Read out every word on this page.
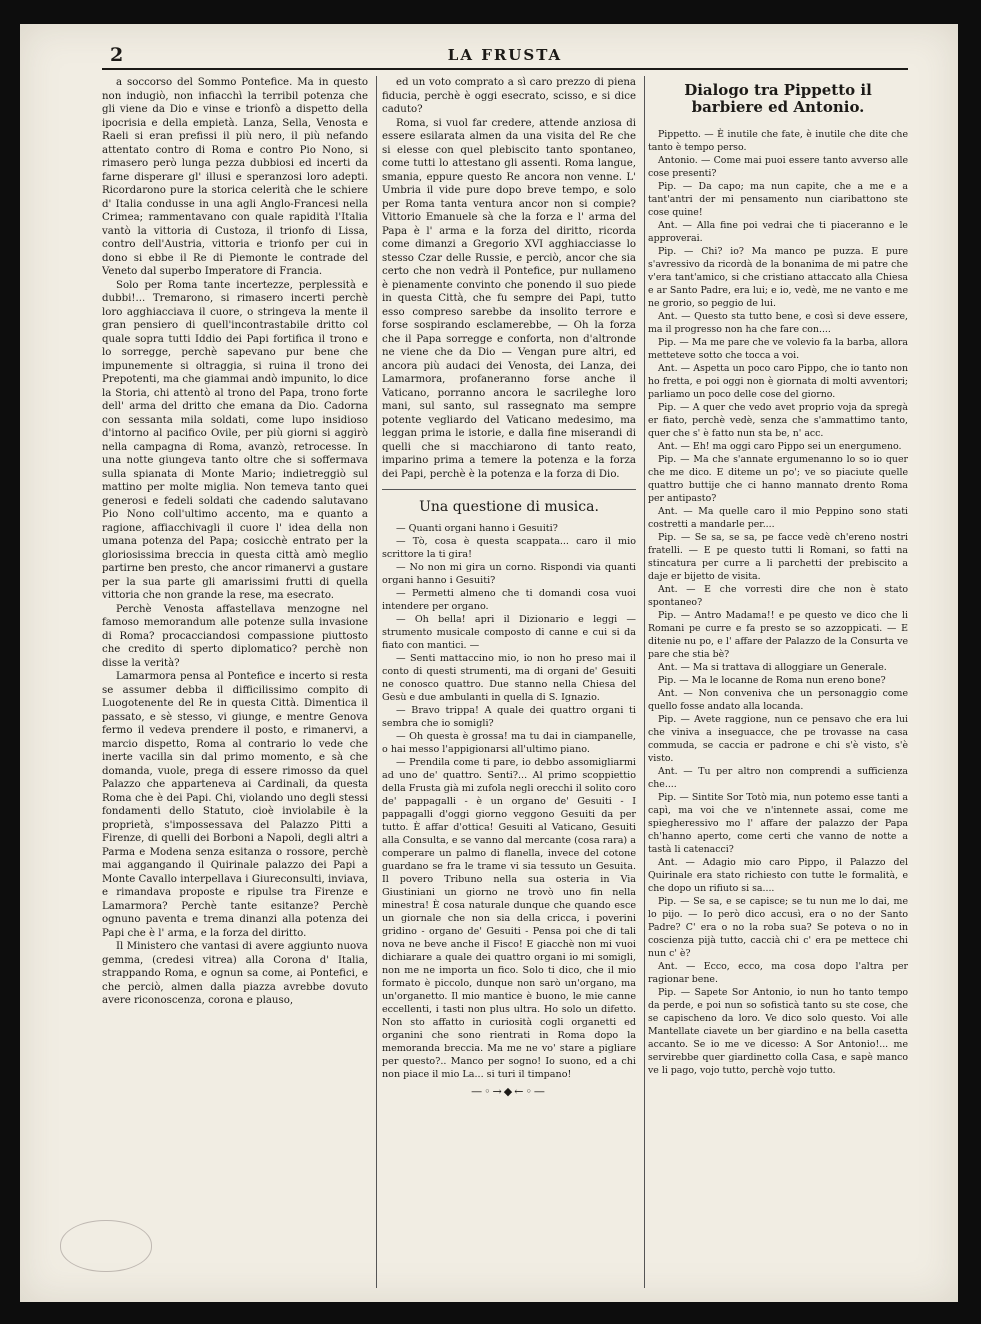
2	LA FRUSTA

a soccorso del Sommo Pontefice. Ma in questo non indugiò, non infiacchì la terribil potenza che gli viene da Dio e vinse e trionfò a dispetto della ipocrisia e della empietà. Lanza, Sella, Venosta e Raeli si eran prefissi il più nero, il più nefando attentato contro di Roma e contro Pio Nono, si rimasero però lunga pezza dubbiosi ed incerti da farne disperare gl' illusi e speranzosi loro adepti. Ricordarono pure la storica celerità che le schiere d' Italia condusse in una agli Anglo-Francesi nella Crimea; rammentavano con quale rapidità l'Italia vantò la vittoria di Custoza, il trionfo di Lissa, contro dell'Austria, vittoria e trionfo per cui in dono si ebbe il Re di Piemonte le contrade del Veneto dal superbo Imperatore di Francia.

Solo per Roma tante incertezze, perplessità e dubbi!... Tremarono, si rimasero incerti perchè loro agghiacciava il cuore, o stringeva la mente il gran pensiero di quell'incontrastabile dritto col quale sopra tutti Iddio dei Papi fortifica il trono e lo sorregge, perchè sapevano pur bene che impunemente si oltraggia, si ruina il trono dei Prepotenti, ma che giammai andò impunito, lo dice la Storia, chi attentò al trono del Papa, trono forte dell' arma del dritto che emana da Dio. Cadorna con sessanta mila soldati, come lupo insidioso d'intorno al pacifico Ovile, per più giorni si aggirò nella campagna di Roma, avanzò, retrocesse. In una notte giungeva tanto oltre che si soffermava sulla spianata di Monte Mario; indietreggiò sul mattino per molte miglia. Non temeva tanto quei generosi e fedeli soldati che cadendo salutavano Pio Nono coll'ultimo accento, ma e quanto a ragione, affiacchivagli il cuore l' idea della non umana potenza del Papa; cosicchè entrato per la gloriosissima breccia in questa città amò meglio partirne ben presto, che ancor rimanervi a gustare per la sua parte gli amarissimi frutti di quella vittoria che non grande la rese, ma esecrato.

Perchè Venosta affastellava menzogne nel famoso memorandum alle potenze sulla invasione di Roma? procacciandosi compassione piuttosto che credito di sperto diplomatico? perchè non disse la verità?

Lamarmora pensa al Pontefice e incerto si resta se assumer debba il difficilissimo compito di Luogotenente del Re in questa Città. Dimentica il passato, e sè stesso, vi giunge, e mentre Genova fermo il vedeva prendere il posto, e rimanervi, a marcio dispetto, Roma al contrario lo vede che inerte vacilla sin dal primo momento, e sà che domanda, vuole, prega di essere rimosso da quel Palazzo che apparteneva ai Cardinali, da questa Roma che è dei Papi. Chi, violando uno degli stessi fondamenti dello Statuto, cioè inviolabile è la proprietà, s'impossessava del Palazzo Pitti a Firenze, di quelli dei Borboni a Napoli, degli altri a Parma e Modena senza esitanza o rossore, perchè mai aggangando il Quirinale palazzo dei Papi a Monte Cavallo interpellava i Giureconsulti, inviava, e rimandava proposte e ripulse tra Firenze e Lamarmora? Perchè tante esitanze? Perchè ognuno paventa e trema dinanzi alla potenza dei Papi che è l' arma, e la forza del diritto.

Il Ministero che vantasi di avere aggiunto nuova gemma, (credesi vitrea) alla Corona d' Italia, strappando Roma, e ognun sa come, ai Pontefici, e che perciò, almen dalla piazza avrebbe dovuto avere riconoscenza, corona e plauso,

ed un voto comprato a sì caro prezzo di piena fiducia, perchè è oggi esecrato, scisso, e si dice caduto?

Roma, si vuol far credere, attende anziosa di essere esilarata almen da una visita del Re che si elesse con quel plebiscito tanto spontaneo, come tutti lo attestano gli assenti. Roma langue, smania, eppure questo Re ancora non venne. L' Umbria il vide pure dopo breve tempo, e solo per Roma tanta ventura ancor non si compie? Vittorio Emanuele sà che la forza e l' arma del Papa è l' arma e la forza del diritto, ricorda come dimanzi a Gregorio XVI agghiacciasse lo stesso Czar delle Russie, e perciò, ancor che sia certo che non vedrà il Pontefice, pur nullameno è pienamente convinto che ponendo il suo piede in questa Città, che fu sempre dei Papi, tutto esso compreso sarebbe da insolito terrore e forse sospirando esclamerebbe, — Oh la forza che il Papa sorregge e conforta, non d'altronde ne viene che da Dio — Vengan pure altri, ed ancora più audaci dei Venosta, dei Lanza, dei Lamarmora, profaneranno forse anche il Vaticano, porranno ancora le sacrileghe loro mani, sul santo, sul rassegnato ma sempre potente vegliardo del Vaticano medesimo, ma leggan prima le istorie, e dalla fine miserandi di quelli che si macchiarono di tanto reato, imparino prima a temere la potenza e la forza dei Papi, perchè è la potenza e la forza di Dio.

Una questione di musica.

— Quanti organi hanno i Gesuiti?

— Tò, cosa è questa scappata... caro il mio scrittore la ti gira!

— No non mi gira un corno. Rispondi via quanti organi hanno i Gesuiti?

— Permetti almeno che ti domandi cosa vuoi intendere per organo.

— Oh bella! apri il Dizionario e leggi — strumento musicale composto di canne e cui si da fiato con mantici. —

— Senti mattaccino mio, io non ho preso mai il conto di questi strumenti, ma di organi de' Gesuiti ne conosco quattro. Due stanno nella Chiesa del Gesù e due ambulanti in quella di S. Ignazio.

— Bravo trippa! A quale dei quattro organi ti sembra che io somigli?

— Oh questa è grossa! ma tu dai in ciampanelle, o hai messo l'appigionarsi all'ultimo piano.

— Prendila come ti pare, io debbo assomigliarmi ad uno de' quattro. Senti?... Al primo scoppiettio della Frusta già mi zufola negli orecchi il solito coro de' pappagalli - è un organo de' Gesuiti - I pappagalli d'oggi giorno veggono Gesuiti da per tutto. È affar d'ottica! Gesuiti al Vaticano, Gesuiti alla Consulta, e se vanno dal mercante (cosa rara) a comperare un palmo di flanella, invece del cotone guardano se fra le trame vi sia tessuto un Gesuita. Il povero Tribuno nella sua osteria in Via Giustiniani un giorno ne trovò uno fin nella minestra! È cosa naturale dunque che quando esce un giornale che non sia della cricca, i poverini gridino - organo de' Gesuiti - Pensa poi che di tali nova ne beve anche il Fisco! E giacchè non mi vuoi dichiarare a quale dei quattro organi io mi somigli, non me ne importa un fico. Solo ti dico, che il mio formato è piccolo, dunque non sarò un'organo, ma un'organetto. Il mio mantice è buono, le mie canne eccellenti, i tasti non plus ultra. Ho solo un difetto. Non sto affatto in curiosità cogli organetti ed organini che sono rientrati in Roma dopo la memoranda breccia. Ma me ne vo' stare a pigliare per questo?.. Manco per sogno! Io suono, ed a chi non piace il mio La... si turi il timpano!

—◦→◆←◦—
Dialogo tra Pippetto il barbiere ed Antonio.

Pippetto. — È inutile che fate, è inutile che dite che tanto è tempo perso.

Antonio. — Come mai puoi essere tanto avverso alle cose presenti?

Pip. — Da capo; ma nun capite, che a me e a tant'antri der mi pensamento nun ciaribattono ste cose quine!

Ant. — Alla fine poi vedrai che ti piaceranno e le approverai.

Pip. — Chi? io? Ma manco pe puzza. E pure s'avressivo da ricordà de la bonanima de mi patre che v'era tant'amico, si che cristiano attaccato alla Chiesa e ar Santo Padre, era lui; e io, vedè, me ne vanto e me ne grorio, so peggio de lui.

Ant. — Questo sta tutto bene, e così si deve essere, ma il progresso non ha che fare con....

Pip. — Ma me pare che ve volevio fa la barba, allora metteteve sotto che tocca a voi.

Ant. — Aspetta un poco caro Pippo, che io tanto non ho fretta, e poi oggi non è giornata di molti avventori; parliamo un poco delle cose del giorno.

Pip. — A quer che vedo avet proprio voja da spregà er fiato, perchè vedè, senza che s'ammattimo tanto, quer che s' è fatto nun sta be, n' acc.

Ant. — Eh! ma oggi caro Pippo sei un energumeno.

Pip. — Ma che s'annate ergumenanno lo so io quer che me dico. E diteme un po'; ve so piaciute quelle quattro buttije che ci hanno mannato drento Roma per antipasto?

Ant. — Ma quelle caro il mio Peppino sono stati costretti a mandarle per....

Pip. — Se sa, se sa, pe facce vedè ch'ereno nostri fratelli. — E pe questo tutti li Romani, so fatti na stincatura per curre a li parchetti der prebiscito a daje er bijetto de visita.

Ant. — E che vorresti dire che non è stato spontaneo?

Pip. — Antro Madama!! e pe questo ve dico che li Romani pe curre e fa presto se so azzoppicati. — E ditenie nu po, e l' affare der Palazzo de la Consurta ve pare che stia bè?

Ant. — Ma si trattava di alloggiare un Generale.

Pip. — Ma le locanne de Roma nun ereno bone?

Ant. — Non conveniva che un personaggio come quello fosse andato alla locanda.

Pip. — Avete raggione, nun ce pensavo che era lui che viniva a inseguacce, che pe trovasse na casa commuda, se caccia er padrone e chi s'è visto, s'è visto.

Ant. — Tu per altro non comprendi a sufficienza che....

Pip. — Sintite Sor Totò mia, nun potemo esse tanti a capì, ma voi che ve n'intennete assai, come me spiegheressivo mo l' affare der palazzo der Papa ch'hanno aperto, come certi che vanno de notte a tastà li catenacci?

Ant. — Adagio mio caro Pippo, il Palazzo del Quirinale era stato richiesto con tutte le formalità, e che dopo un rifiuto si sa....

Pip. — Se sa, e se capisce; se tu nun me lo dai, me lo pijo. — Io però dico accusì, era o no der Santo Padre? C' era o no la roba sua? Se poteva o no in coscienza pijà tutto, caccià chi c' era pe mettece chi nun c' è?

Ant. — Ecco, ecco, ma cosa dopo l'altra per ragionar bene.

Pip. — Sapete Sor Antonio, io nun ho tanto tempo da perde, e poi nun so sofisticà tanto su ste cose, che se capischeno da loro. Ve dico solo questo. Voi alle Mantellate ciavete un ber giardino e na bella casetta accanto. Se io me ve dicesso: A Sor Antonio!... me servirebbe quer giardinetto colla Casa, e sapè manco ve li pago, vojo tutto, perchè vojo tutto.
